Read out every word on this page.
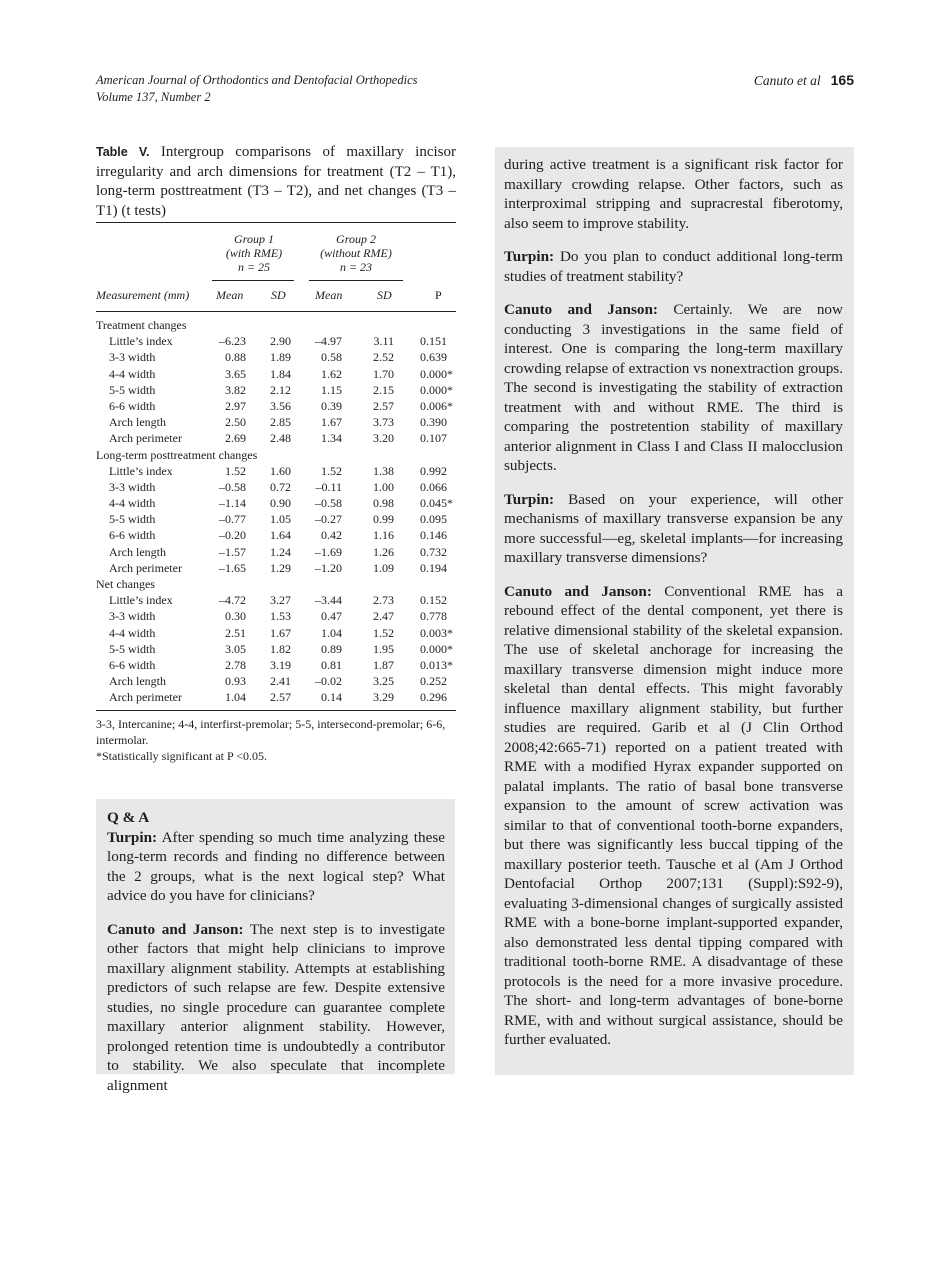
American Journal of Orthodontics and Dentofacial Orthopedics
Volume 137, Number 2
Canuto et al 165
Table V. Intergroup comparisons of maxillary incisor irregularity and arch dimensions for treatment (T2 – T1), long-term posttreatment (T3 – T2), and net changes (T3 – T1) (t tests)
Group 1
(with RME)
n = 25
Group 2
(without RME)
n = 23
Measurement (mm) Mean SD Mean	SD	P
Treatment changes
Little’s index	–6.23 2.90 –4.97	3.11 0.151
3-3 width	0.88 1.89	0.58	2.52 0.639
4-4 width	3.65 1.84	1.62	1.70 0.000*
5-5 width	3.82 2.12	1.15	2.15 0.000*
6-6 width	2.97 3.56	0.39	2.57 0.006*
Arch length	2.50 2.85	1.67	3.73 0.390
Arch perimeter	2.69 2.48	1.34	3.20 0.107
Long-term posttreatment changes
Little’s index	1.52 1.60	1.52	1.38 0.992
3-3 width	–0.58 0.72 –0.11	1.00 0.066
4-4 width	–1.14 0.90 –0.58	0.98 0.045*
5-5 width	–0.77 1.05 –0.27	0.99 0.095
6-6 width	–0.20 1.64	0.42	1.16 0.146
Arch length	–1.57 1.24 –1.69	1.26 0.732
Arch perimeter	–1.65 1.29 –1.20	1.09 0.194
Net changes
Little’s index	–4.72 3.27 –3.44	2.73 0.152
3-3 width	0.30 1.53	0.47	2.47 0.778
4-4 width	2.51 1.67	1.04	1.52 0.003*
5-5 width	3.05 1.82	0.89	1.95 0.000*
6-6 width	2.78 3.19	0.81	1.87 0.013*
Arch length	0.93 2.41 –0.02	3.25 0.252
Arch perimeter	1.04 2.57	0.14	3.29 0.296
3-3, Intercanine; 4-4, interfirst-premolar; 5-5, intersecond-premolar; 6-6, intermolar.
*Statistically significant at P <0.05.
Q & A

Turpin: After spending so much time analyzing these long-term records and finding no difference between the 2 groups, what is the next logical step? What advice do you have for clinicians?

Canuto and Janson: The next step is to investigate other factors that might help clinicians to improve maxillary alignment stability. Attempts at establishing predictors of such relapse are few. Despite extensive studies, no single procedure can guarantee complete maxillary anterior alignment stability. However, prolonged retention time is undoubtedly a contributor to stability. We also speculate that incomplete alignment

during active treatment is a significant risk factor for maxillary crowding relapse. Other factors, such as interproximal stripping and supracrestal fiberotomy, also seem to improve stability.

Turpin: Do you plan to conduct additional long-term studies of treatment stability?

Canuto and Janson: Certainly. We are now conducting 3 investigations in the same field of interest. One is comparing the long-term maxillary crowding relapse of extraction vs nonextraction groups. The second is investigating the stability of extraction treatment with and without RME. The third is comparing the postretention stability of maxillary anterior alignment in Class I and Class II malocclusion subjects.

Turpin: Based on your experience, will other mechanisms of maxillary transverse expansion be any more successful—eg, skeletal implants—for increasing maxillary transverse dimensions?

Canuto and Janson: Conventional RME has a rebound effect of the dental component, yet there is relative dimensional stability of the skeletal expansion. The use of skeletal anchorage for increasing the maxillary transverse dimension might induce more skeletal than dental effects. This might favorably influence maxillary alignment stability, but further studies are required. Garib et al (J Clin Orthod 2008;42:665-71) reported on a patient treated with RME with a modified Hyrax expander supported on palatal implants. The ratio of basal bone transverse expansion to the amount of screw activation was similar to that of conventional tooth-borne expanders, but there was significantly less buccal tipping of the maxillary posterior teeth. Tausche et al (Am J Orthod Dentofacial Orthop 2007;131 (Suppl):S92-9), evaluating 3-dimensional changes of surgically assisted RME with a bone-borne implant-supported expander, also demonstrated less dental tipping compared with traditional tooth-borne RME. A disadvantage of these protocols is the need for a more invasive procedure. The short- and long-term advantages of bone-borne RME, with and without surgical assistance, should be further evaluated.
